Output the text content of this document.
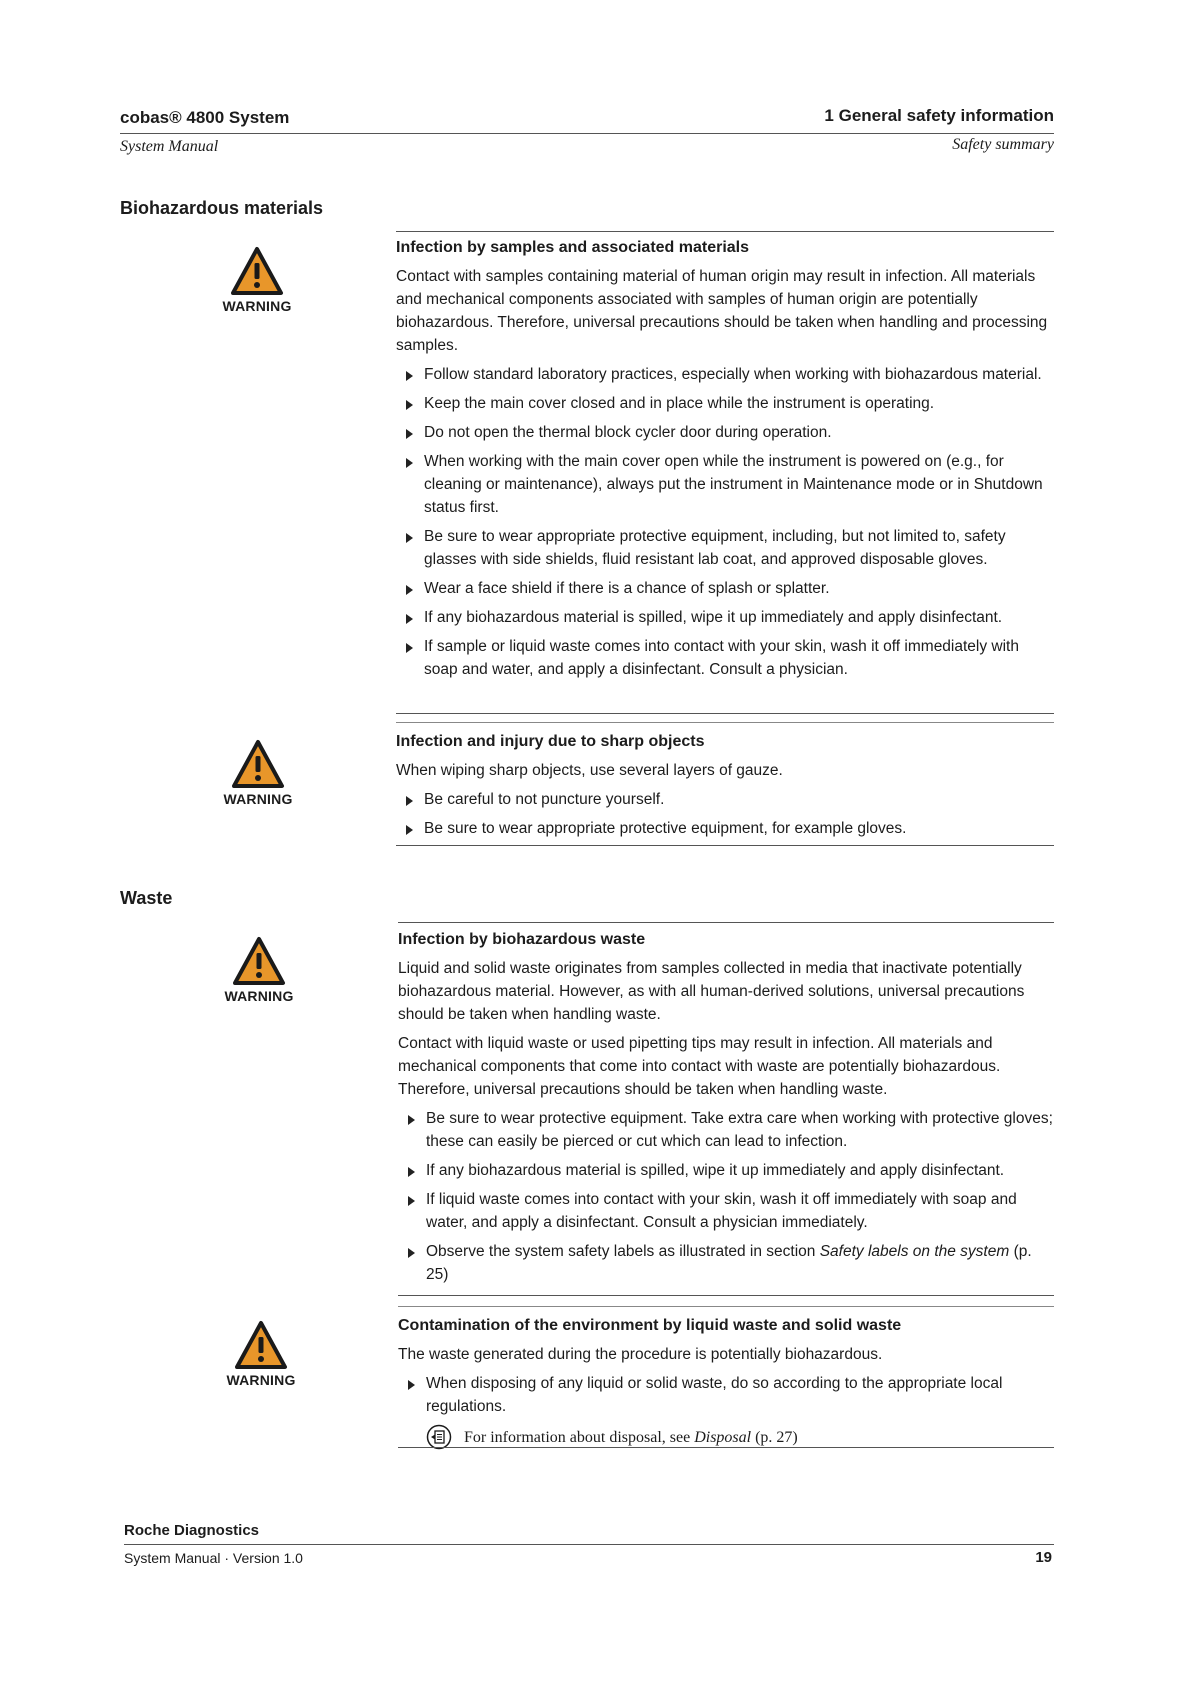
cobas® 4800 System
System Manual
1 General safety information
Safety summary
Biohazardous materials
Waste
WARNING
WARNING
WARNING
WARNING
Infection by samples and associated materials

Contact with samples containing material of human origin may result in infection. All materials and mechanical components associated with samples of human origin are potentially biohazardous. Therefore, universal precautions should be taken when handling and processing samples.

Follow standard laboratory practices, especially when working with biohazardous material.
Keep the main cover closed and in place while the instrument is operating.
Do not open the thermal block cycler door during operation.
When working with the main cover open while the instrument is powered on (e.g., for cleaning or maintenance), always put the instrument in Maintenance mode or in Shutdown status first.
Be sure to wear appropriate protective equipment, including, but not limited to, safety glasses with side shields, fluid resistant lab coat, and approved disposable gloves.
Wear a face shield if there is a chance of splash or splatter.
If any biohazardous material is spilled, wipe it up immediately and apply disinfectant.
If sample or liquid waste comes into contact with your skin, wash it off immediately with soap and water, and apply a disinfectant. Consult a physician.
Infection and injury due to sharp objects

When wiping sharp objects, use several layers of gauze.

Be careful to not puncture yourself.
Be sure to wear appropriate protective equipment, for example gloves.
Infection by biohazardous waste

Liquid and solid waste originates from samples collected in media that inactivate potentially biohazardous material. However, as with all human-derived solutions, universal precautions should be taken when handling waste.

Contact with liquid waste or used pipetting tips may result in infection. All materials and mechanical components that come into contact with waste are potentially biohazardous. Therefore, universal precautions should be taken when handling waste.

Be sure to wear protective equipment. Take extra care when working with protective gloves; these can easily be pierced or cut which can lead to infection.
If any biohazardous material is spilled, wipe it up immediately and apply disinfectant.
If liquid waste comes into contact with your skin, wash it off immediately with soap and water, and apply a disinfectant. Consult a physician immediately.
Observe the system safety labels as illustrated in section Safety labels on the system (p. 25)
Contamination of the environment by liquid waste and solid waste

The waste generated during the procedure is potentially biohazardous.

When disposing of any liquid or solid waste, do so according to the appropriate local regulations.
For information about disposal, see
Disposal
(p. 27)
Roche Diagnostics
System Manual · Version 1.0	19
